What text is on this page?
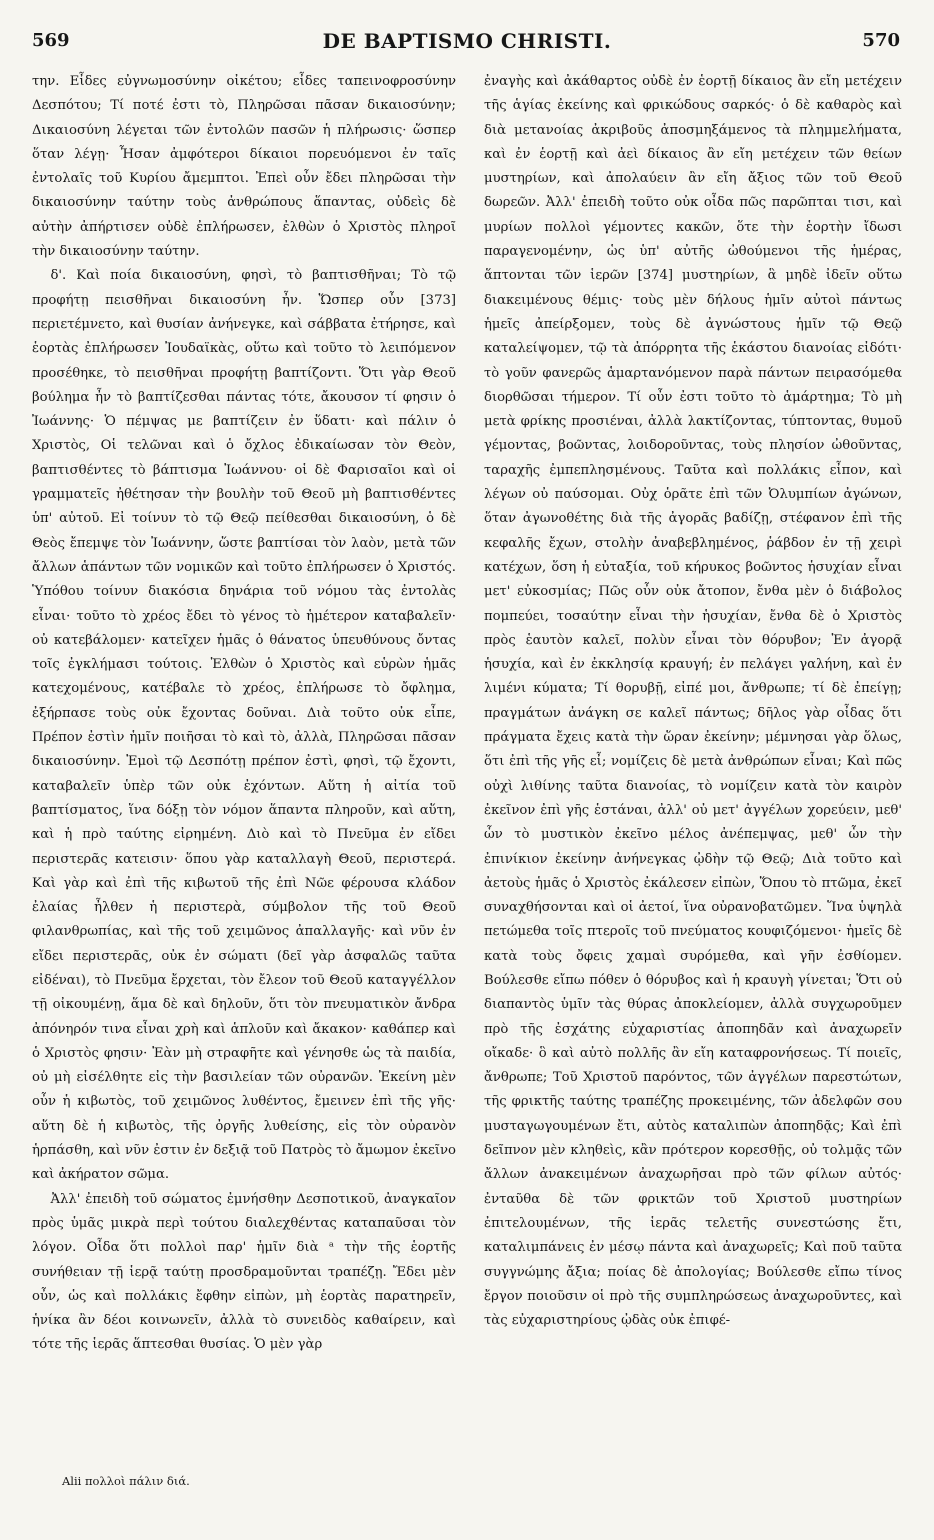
569	DE BAPTISMO CHRISTI.	570

την. Εἶδες εὐγνωμοσύνην οἰκέτου; εἶδες ταπεινοφροσύνην Δεσπότου; Τί ποτέ ἐστι τὸ, Πληρῶσαι πᾶσαν δικαιοσύνην; Δικαιοσύνη λέγεται τῶν ἐντολῶν πασῶν ἡ πλήρωσις· ὥσπερ ὅταν λέγῃ· Ἦσαν ἀμφότεροι δίκαιοι πορευόμενοι ἐν ταῖς ἐντολαῖς τοῦ Κυρίου ἄμεμπτοι. Ἐπεὶ οὖν ἔδει πληρῶσαι τὴν δικαιοσύνην ταύτην τοὺς ἀνθρώπους ἅπαντας, οὐδεὶς δὲ αὐτὴν ἀπήρτισεν οὐδὲ ἐπλήρωσεν, ἐλθὼν ὁ Χριστὸς πληροῖ τὴν δικαιοσύνην ταύτην.

δ'. Καὶ ποία δικαιοσύνη, φησὶ, τὸ βαπτισθῆναι; Τὸ τῷ προφήτῃ πεισθῆναι δικαιοσύνη ἦν. Ὥσπερ οὖν [373] περιετέμνετο, καὶ θυσίαν ἀνήνεγκε, καὶ σάββατα ἐτήρησε, καὶ ἑορτὰς ἐπλήρωσεν Ἰουδαϊκὰς, οὕτω καὶ τοῦτο τὸ λειπόμενον προσέθηκε, τὸ πεισθῆναι προφήτῃ βαπτίζοντι. Ὅτι γὰρ Θεοῦ βούλημα ἦν τὸ βαπτίζεσθαι πάντας τότε, ἄκουσον τί φησιν ὁ Ἰωάννης· Ὁ πέμψας με βαπτίζειν ἐν ὕδατι· καὶ πάλιν ὁ Χριστὸς, Οἱ τελῶναι καὶ ὁ ὄχλος ἐδικαίωσαν τὸν Θεὸν, βαπτισθέντες τὸ βάπτισμα Ἰωάννου· οἱ δὲ Φαρισαῖοι καὶ οἱ γραμματεῖς ἠθέτησαν τὴν βουλὴν τοῦ Θεοῦ μὴ βαπτισθέντες ὑπ' αὐτοῦ. Εἰ τοίνυν τὸ τῷ Θεῷ πείθεσθαι δικαιοσύνη, ὁ δὲ Θεὸς ἔπεμψε τὸν Ἰωάννην, ὥστε βαπτίσαι τὸν λαὸν, μετὰ τῶν ἄλλων ἁπάντων τῶν νομικῶν καὶ τοῦτο ἐπλήρωσεν ὁ Χριστός. Ὑπόθου τοίνυν διακόσια δηνάρια τοῦ νόμου τὰς ἐντολὰς εἶναι· τοῦτο τὸ χρέος ἔδει τὸ γένος τὸ ἡμέτερον καταβαλεῖν· οὐ κατεβάλομεν· κατεῖχεν ἡμᾶς ὁ θάνατος ὑπευθύνους ὄντας τοῖς ἐγκλήμασι τούτοις. Ἐλθὼν ὁ Χριστὸς καὶ εὑρὼν ἡμᾶς κατεχομένους, κατέβαλε τὸ χρέος, ἐπλήρωσε τὸ ὄφλημα, ἐξήρπασε τοὺς οὐκ ἔχοντας δοῦναι. Διὰ τοῦτο οὐκ εἶπε, Πρέπον ἐστὶν ἡμῖν ποιῆσαι τὸ καὶ τὸ, ἀλλὰ, Πληρῶσαι πᾶσαν δικαιοσύνην. Ἐμοὶ τῷ Δεσπότῃ πρέπον ἐστὶ, φησὶ, τῷ ἔχοντι, καταβαλεῖν ὑπὲρ τῶν οὐκ ἐχόντων. Αὕτη ἡ αἰτία τοῦ βαπτίσματος, ἵνα δόξῃ τὸν νόμον ἅπαντα πληροῦν, καὶ αὕτη, καὶ ἡ πρὸ ταύτης εἰρημένη. Διὸ καὶ τὸ Πνεῦμα ἐν εἴδει περιστερᾶς κατεισιν· ὅπου γὰρ καταλλαγὴ Θεοῦ, περιστερά. Καὶ γὰρ καὶ ἐπὶ τῆς κιβωτοῦ τῆς ἐπὶ Νῶε φέρουσα κλάδον ἐλαίας ἦλθεν ἡ περιστερὰ, σύμβολον τῆς τοῦ Θεοῦ φιλανθρωπίας, καὶ τῆς τοῦ χειμῶνος ἀπαλλαγῆς· καὶ νῦν ἐν εἴδει περιστερᾶς, οὐκ ἐν σώματι (δεῖ γὰρ ἀσφαλῶς ταῦτα εἰδέναι), τὸ Πνεῦμα ἔρχεται, τὸν ἔλεον τοῦ Θεοῦ καταγγέλλον τῇ οἰκουμένῃ, ἅμα δὲ καὶ δηλοῦν, ὅτι τὸν πνευματικὸν ἄνδρα ἀπόνηρόν τινα εἶναι χρὴ καὶ ἁπλοῦν καὶ ἄκακον· καθάπερ καὶ ὁ Χριστὸς φησιν· Ἐὰν μὴ στραφῆτε καὶ γένησθε ὡς τὰ παιδία, οὐ μὴ εἰσέλθητε εἰς τὴν βασιλείαν τῶν οὐρανῶν. Ἐκείνη μὲν οὖν ἡ κιβωτὸς, τοῦ χειμῶνος λυθέντος, ἔμεινεν ἐπὶ τῆς γῆς· αὕτη δὲ ἡ κιβωτὸς, τῆς ὀργῆς λυθείσης, εἰς τὸν οὐρανὸν ἡρπάσθη, καὶ νῦν ἐστιν ἐν δεξιᾷ τοῦ Πατρὸς τὸ ἄμωμον ἐκεῖνο καὶ ἀκήρατον σῶμα.

Ἀλλ' ἐπειδὴ τοῦ σώματος ἐμνήσθην Δεσποτικοῦ, ἀναγκαῖον πρὸς ὑμᾶς μικρὰ περὶ τούτου διαλεχθέντας καταπαῦσαι τὸν λόγον. Οἶδα ὅτι πολλοὶ παρ' ἡμῖν διὰ ᵃ τὴν τῆς ἑορτῆς συνήθειαν τῇ ἱερᾷ ταύτῃ προσδραμοῦνται τραπέζῃ. Ἔδει μὲν οὖν, ὡς καὶ πολλάκις ἔφθην εἰπὼν, μὴ ἑορτὰς παρατηρεῖν, ἡνίκα ἂν δέοι κοινωνεῖν, ἀλλὰ τὸ συνειδὸς καθαίρειν, καὶ τότε τῆς ἱερᾶς ἅπτεσθαι θυσίας. Ὁ μὲν γὰρ

ἐναγὴς καὶ ἀκάθαρτος οὐδὲ ἐν ἑορτῇ δίκαιος ἂν εἴη μετέχειν τῆς ἁγίας ἐκείνης καὶ φρικώδους σαρκός· ὁ δὲ καθαρὸς καὶ διὰ μετανοίας ἀκριβοῦς ἀποσμηξάμενος τὰ πλημμελήματα, καὶ ἐν ἑορτῇ καὶ ἀεὶ δίκαιος ἂν εἴη μετέχειν τῶν θείων μυστηρίων, καὶ ἀπολαύειν ἂν εἴη ἄξιος τῶν τοῦ Θεοῦ δωρεῶν. Ἀλλ' ἐπειδὴ τοῦτο οὐκ οἶδα πῶς παρῶπται τισι, καὶ μυρίων πολλοὶ γέμοντες κακῶν, ὅτε τὴν ἑορτὴν ἴδωσι παραγενομένην, ὡς ὑπ' αὐτῆς ὠθούμενοι τῆς ἡμέρας, ἅπτονται τῶν ἱερῶν [374] μυστηρίων, ἃ μηδὲ ἰδεῖν οὕτω διακειμένους θέμις· τοὺς μὲν δήλους ἡμῖν αὐτοὶ πάντως ἡμεῖς ἀπείρξομεν, τοὺς δὲ ἀγνώστους ἡμῖν τῷ Θεῷ καταλείψομεν, τῷ τὰ ἀπόρρητα τῆς ἑκάστου διανοίας εἰδότι· τὸ γοῦν φανερῶς ἁμαρτανόμενον παρὰ πάντων πειρασόμεθα διορθῶσαι τήμερον. Τί οὖν ἐστι τοῦτο τὸ ἁμάρτημα; Τὸ μὴ μετὰ φρίκης προσιέναι, ἀλλὰ λακτίζοντας, τύπτοντας, θυμοῦ γέμοντας, βοῶντας, λοιδοροῦντας, τοὺς πλησίον ὠθοῦντας, ταραχῆς ἐμπεπλησμένους. Ταῦτα καὶ πολλάκις εἶπον, καὶ λέγων οὐ παύσομαι. Οὐχ ὁρᾶτε ἐπὶ τῶν Ὀλυμπίων ἀγώνων, ὅταν ἀγωνοθέτης διὰ τῆς ἀγορᾶς βαδίζῃ, στέφανον ἐπὶ τῆς κεφαλῆς ἔχων, στολὴν ἀναβεβλημένος, ῥάβδον ἐν τῇ χειρὶ κατέχων, ὅση ἡ εὐταξία, τοῦ κήρυκος βοῶντος ἡσυχίαν εἶναι μετ' εὐκοσμίας; Πῶς οὖν οὐκ ἄτοπον, ἔνθα μὲν ὁ διάβολος πομπεύει, τοσαύτην εἶναι τὴν ἡσυχίαν, ἔνθα δὲ ὁ Χριστὸς πρὸς ἑαυτὸν καλεῖ, πολὺν εἶναι τὸν θόρυβον; Ἐν ἀγορᾷ ἡσυχία, καὶ ἐν ἐκκλησίᾳ κραυγή; ἐν πελάγει γαλήνη, καὶ ἐν λιμένι κύματα; Τί θορυβῇ, εἰπέ μοι, ἄνθρωπε; τί δὲ ἐπείγῃ; πραγμάτων ἀνάγκη σε καλεῖ πάντως; δῆλος γὰρ οἶδας ὅτι πράγματα ἔχεις κατὰ τὴν ὥραν ἐκείνην; μέμνησαι γὰρ ὅλως, ὅτι ἐπὶ τῆς γῆς εἶ; νομίζεις δὲ μετὰ ἀνθρώπων εἶναι; Καὶ πῶς οὐχὶ λιθίνης ταῦτα διανοίας, τὸ νομίζειν κατὰ τὸν καιρὸν ἐκεῖνον ἐπὶ γῆς ἑστάναι, ἀλλ' οὐ μετ' ἀγγέλων χορεύειν, μεθ' ὧν τὸ μυστικὸν ἐκεῖνο μέλος ἀνέπεμψας, μεθ' ὧν τὴν ἐπινίκιον ἐκείνην ἀνήνεγκας ᾠδὴν τῷ Θεῷ; Διὰ τοῦτο καὶ ἀετοὺς ἡμᾶς ὁ Χριστὸς ἐκάλεσεν εἰπὼν, Ὅπου τὸ πτῶμα, ἐκεῖ συναχθήσονται καὶ οἱ ἀετοί, ἵνα οὐρανοβατῶμεν. Ἵνα ὑψηλὰ πετώμεθα τοῖς πτεροῖς τοῦ πνεύματος κουφιζόμενοι· ἡμεῖς δὲ κατὰ τοὺς ὄφεις χαμαὶ συρόμεθα, καὶ γῆν ἐσθίομεν. Βούλεσθε εἴπω πόθεν ὁ θόρυβος καὶ ἡ κραυγὴ γίνεται; Ὅτι οὐ διαπαντὸς ὑμῖν τὰς θύρας ἀποκλείομεν, ἀλλὰ συγχωροῦμεν πρὸ τῆς ἐσχάτης εὐχαριστίας ἀποπηδᾶν καὶ ἀναχωρεῖν οἴκαδε· ὃ καὶ αὐτὸ πολλῆς ἂν εἴη καταφρονήσεως. Τί ποιεῖς, ἄνθρωπε; Τοῦ Χριστοῦ παρόντος, τῶν ἀγγέλων παρεστώτων, τῆς φρικτῆς ταύτης τραπέζης προκειμένης, τῶν ἀδελφῶν σου μυσταγωγουμένων ἔτι, αὐτὸς καταλιπὼν ἀποπηδᾷς; Καὶ ἐπὶ δεῖπνον μὲν κληθεὶς, κἂν πρότερον κορεσθῇς, οὐ τολμᾷς τῶν ἄλλων ἀνακειμένων ἀναχωρῆσαι πρὸ τῶν φίλων αὐτός· ἐνταῦθα δὲ τῶν φρικτῶν τοῦ Χριστοῦ μυστηρίων ἐπιτελουμένων, τῆς ἱερᾶς τελετῆς συνεστώσης ἔτι, καταλιμπάνεις ἐν μέσῳ πάντα καὶ ἀναχωρεῖς; Καὶ ποῦ ταῦτα συγγνώμης ἄξια; ποίας δὲ ἀπολογίας; Βούλεσθε εἴπω τίνος ἔργον ποιοῦσιν οἱ πρὸ τῆς συμπληρώσεως ἀναχωροῦντες, καὶ τὰς εὐχαριστηρίους ᾠδὰς οὐκ ἐπιφέ-

Alii πολλοὶ πάλιν διά.
